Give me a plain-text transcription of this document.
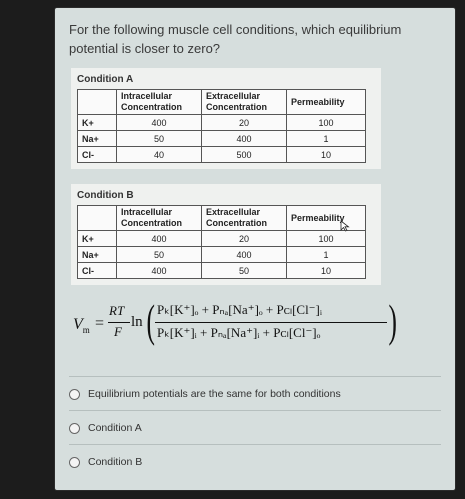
For the following muscle cell conditions, which equilibrium potential is closer to zero?
Condition A
	Intracellular Concentration	Extracellular Concentration	Permeability
K+	400	20	100
Na+	50	400	1
Cl-	40	500	10
Condition B
	Intracellular Concentration	Extracellular Concentration	Permeability
K+	400	20	100
Na+	50	400	1
Cl-	400	50	10
$V_m$ =
RT
F
ln ( Pₖ[K⁺]ₒ + Pₙₐ[Na⁺]ₒ + Pᴄₗ[Cl⁻]ᵢ
Pₖ[K⁺]ᵢ + Pₙₐ[Na⁺]ᵢ + Pᴄₗ[Cl⁻]ₒ )
Equilibrium potentials are the same for both conditions
Condition A
Condition B
